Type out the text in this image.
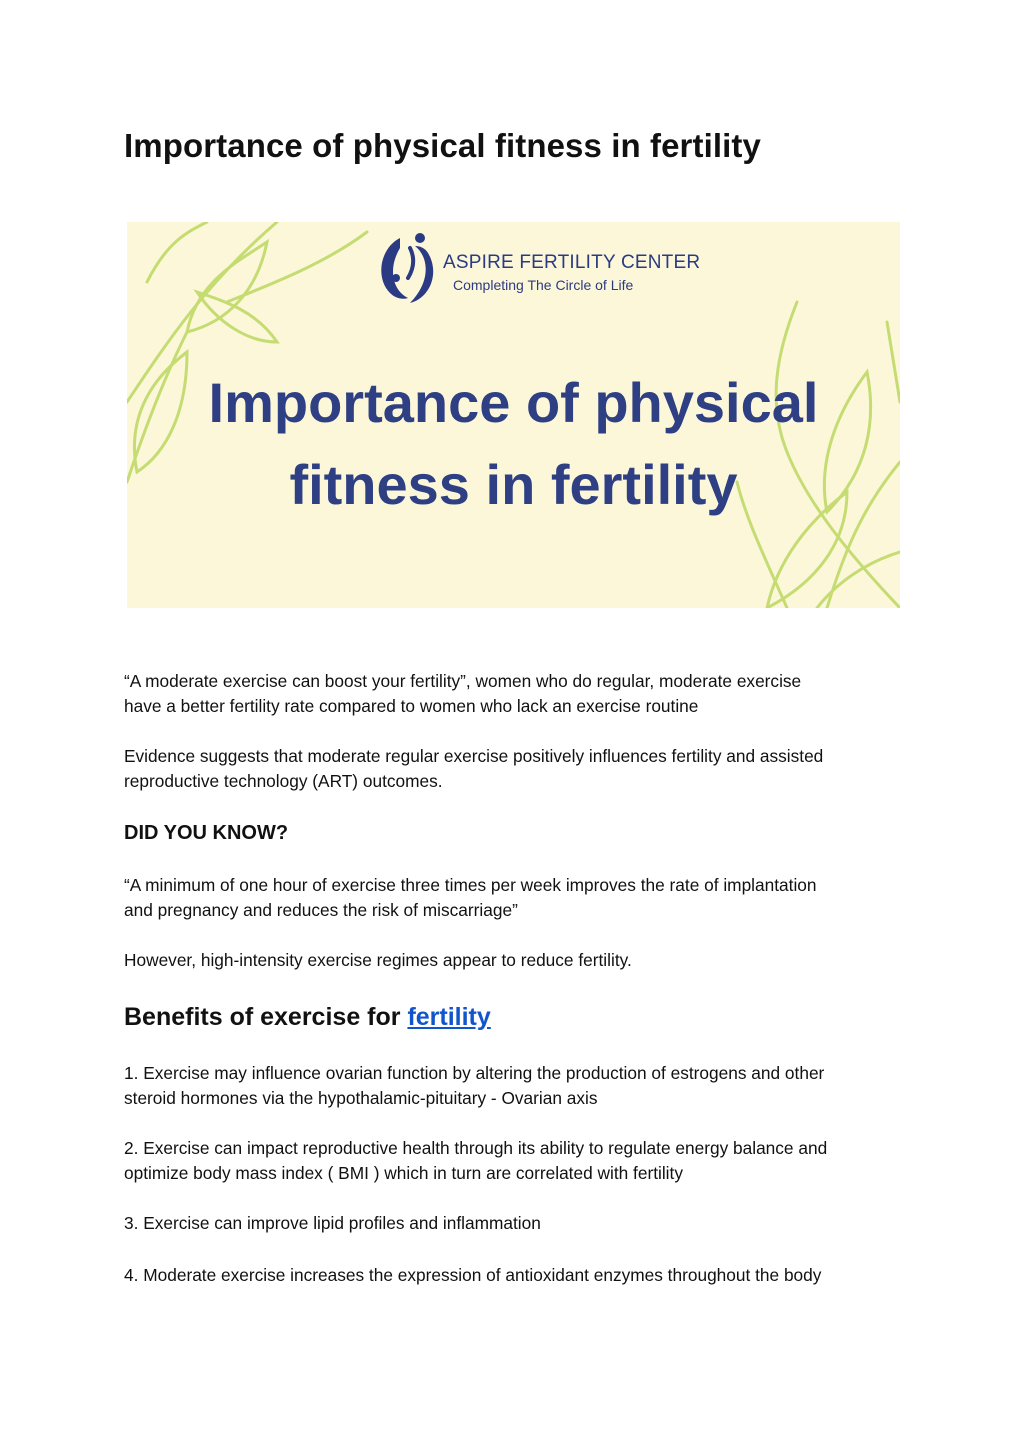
Importance of physical fitness in fertility
ASPIRE FERTILITY CENTER
Completing The Circle of Life
Importance of physical
fitness in fertility

“A moderate exercise can boost your fertility”, women who do regular, moderate exercise
have a better fertility rate compared to women who lack an exercise routine

Evidence suggests that moderate regular exercise positively influences fertility and assisted
reproductive technology (ART) outcomes.

DID YOU KNOW?

“A minimum of one hour of exercise three times per week improves the rate of implantation
and pregnancy and reduces the risk of miscarriage”

However, high-intensity exercise regimes appear to reduce fertility.

Benefits of exercise for fertility

1. Exercise may influence ovarian function by altering the production of estrogens and other
steroid hormones via the hypothalamic-pituitary - Ovarian axis

2. Exercise can impact reproductive health through its ability to regulate energy balance and
optimize body mass index ( BMI ) which in turn are correlated with fertility

3. Exercise can improve lipid profiles and inflammation

4. Moderate exercise increases the expression of antioxidant enzymes throughout the body
